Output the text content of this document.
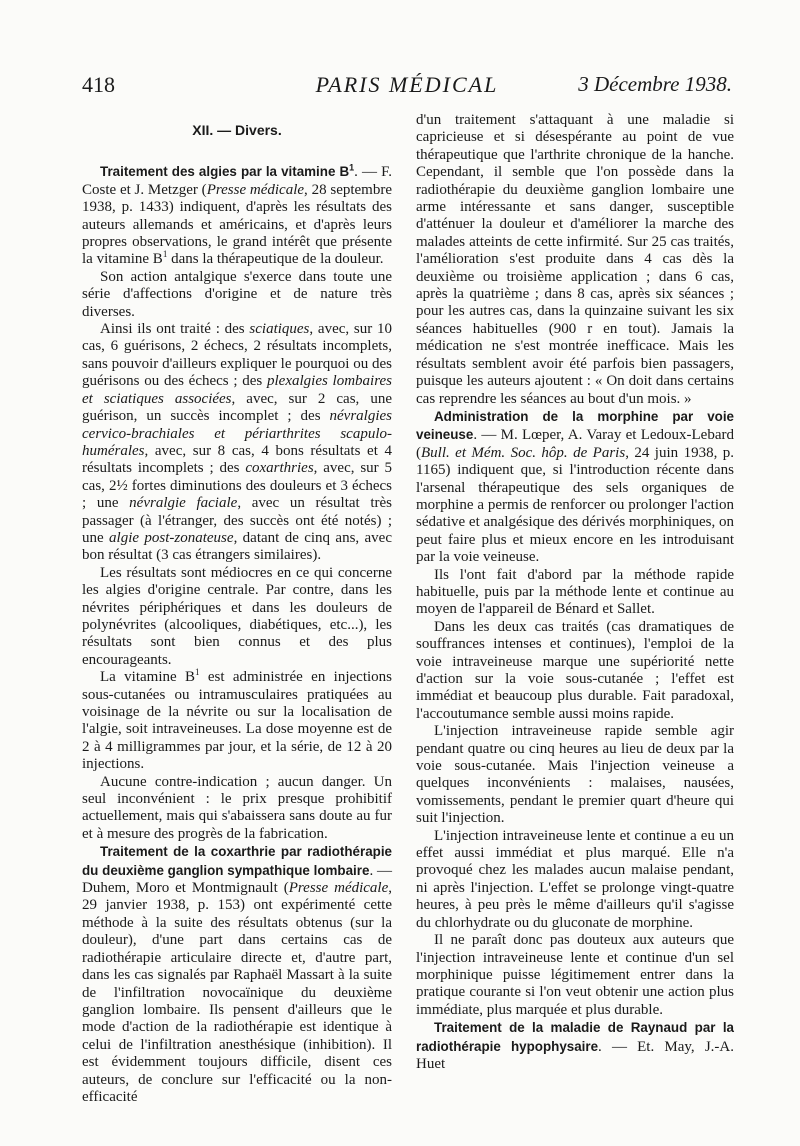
418	PARIS MÉDICAL	3 Décembre 1938.
XII. — Divers.

Traitement des algies par la vitamine $B^1$. — F. Coste et J. Metzger (Presse médicale, 28 septembre 1938, p. 1433) indiquent, d'après les résultats des auteurs allemands et américains, et d'après leurs propres observations, le grand intérêt que présente la vitamine $B^1$ dans la thérapeutique de la douleur.

Son action antalgique s'exerce dans toute une série d'affections d'origine et de nature très diverses.

Ainsi ils ont traité : des sciatiques, avec, sur 10 cas, 6 guérisons, 2 échecs, 2 résultats incomplets, sans pouvoir d'ailleurs expliquer le pourquoi ou des guérisons ou des échecs ; des plexalgies lombaires et sciatiques associées, avec, sur 2 cas, une guérison, un succès incomplet ; des névralgies cervico-brachiales et périarthrites scapulo-humérales, avec, sur 8 cas, 4 bons résultats et 4 résultats incomplets ; des coxarthries, avec, sur 5 cas, 2½ fortes diminutions des douleurs et 3 échecs ; une névralgie faciale, avec un résultat très passager (à l'étranger, des succès ont été notés) ; une algie post-zonateuse, datant de cinq ans, avec bon résultat (3 cas étrangers similaires).

Les résultats sont médiocres en ce qui concerne les algies d'origine centrale. Par contre, dans les névrites périphériques et dans les douleurs de polynévrites (alcooliques, diabétiques, etc...), les résultats sont bien connus et des plus encourageants.

La vitamine $B^1$ est administrée en injections sous-cutanées ou intramusculaires pratiquées au voisinage de la névrite ou sur la localisation de l'algie, soit intraveineuses. La dose moyenne est de 2 à 4 milligrammes par jour, et la série, de 12 à 20 injections.

Aucune contre-indication ; aucun danger. Un seul inconvénient : le prix presque prohibitif actuellement, mais qui s'abaissera sans doute au fur et à mesure des progrès de la fabrication.

Traitement de la coxarthrie par radiothérapie du deuxième ganglion sympathique lombaire. — Duhem, Moro et Montmignault (Presse médicale, 29 janvier 1938, p. 153) ont expérimenté cette méthode à la suite des résultats obtenus (sur la douleur), d'une part dans certains cas de radiothérapie articulaire directe et, d'autre part, dans les cas signalés par Raphaël Massart à la suite de l'infiltration novocaïnique du deuxième ganglion lombaire. Ils pensent d'ailleurs que le mode d'action de la radiothérapie est identique à celui de l'infiltration anesthésique (inhibition). Il est évidemment toujours difficile, disent ces auteurs, de conclure sur l'efficacité ou la non-efficacité

d'un traitement s'attaquant à une maladie si capricieuse et si désespérante au point de vue thérapeutique que l'arthrite chronique de la hanche. Cependant, il semble que l'on possède dans la radiothérapie du deuxième ganglion lombaire une arme intéressante et sans danger, susceptible d'atténuer la douleur et d'améliorer la marche des malades atteints de cette infirmité. Sur 25 cas traités, l'amélioration s'est produite dans 4 cas dès la deuxième ou troisième application ; dans 6 cas, après la quatrième ; dans 8 cas, après six séances ; pour les autres cas, dans la quinzaine suivant les six séances habituelles (900 r en tout). Jamais la médication ne s'est montrée inefficace. Mais les résultats semblent avoir été parfois bien passagers, puisque les auteurs ajoutent : « On doit dans certains cas reprendre les séances au bout d'un mois. »

Administration de la morphine par voie veineuse. — M. Lœper, A. Varay et Ledoux-Lebard (Bull. et Mém. Soc. hôp. de Paris, 24 juin 1938, p. 1165) indiquent que, si l'introduction récente dans l'arsenal thérapeutique des sels organiques de morphine a permis de renforcer ou prolonger l'action sédative et analgésique des dérivés morphiniques, on peut faire plus et mieux encore en les introduisant par la voie veineuse.

Ils l'ont fait d'abord par la méthode rapide habituelle, puis par la méthode lente et continue au moyen de l'appareil de Bénard et Sallet.

Dans les deux cas traités (cas dramatiques de souffrances intenses et continues), l'emploi de la voie intraveineuse marque une supériorité nette d'action sur la voie sous-cutanée ; l'effet est immédiat et beaucoup plus durable. Fait paradoxal, l'accoutumance semble aussi moins rapide.

L'injection intraveineuse rapide semble agir pendant quatre ou cinq heures au lieu de deux par la voie sous-cutanée. Mais l'injection veineuse a quelques inconvénients : malaises, nausées, vomissements, pendant le premier quart d'heure qui suit l'injection.

L'injection intraveineuse lente et continue a eu un effet aussi immédiat et plus marqué. Elle n'a provoqué chez les malades aucun malaise pendant, ni après l'injection. L'effet se prolonge vingt-quatre heures, à peu près le même d'ailleurs qu'il s'agisse du chlorhydrate ou du gluconate de morphine.

Il ne paraît donc pas douteux aux auteurs que l'injection intraveineuse lente et continue d'un sel morphinique puisse légitimement entrer dans la pratique courante si l'on veut obtenir une action plus immédiate, plus marquée et plus durable.

Traitement de la maladie de Raynaud par la radiothérapie hypophysaire. — Et. May, J.-A. Huet
